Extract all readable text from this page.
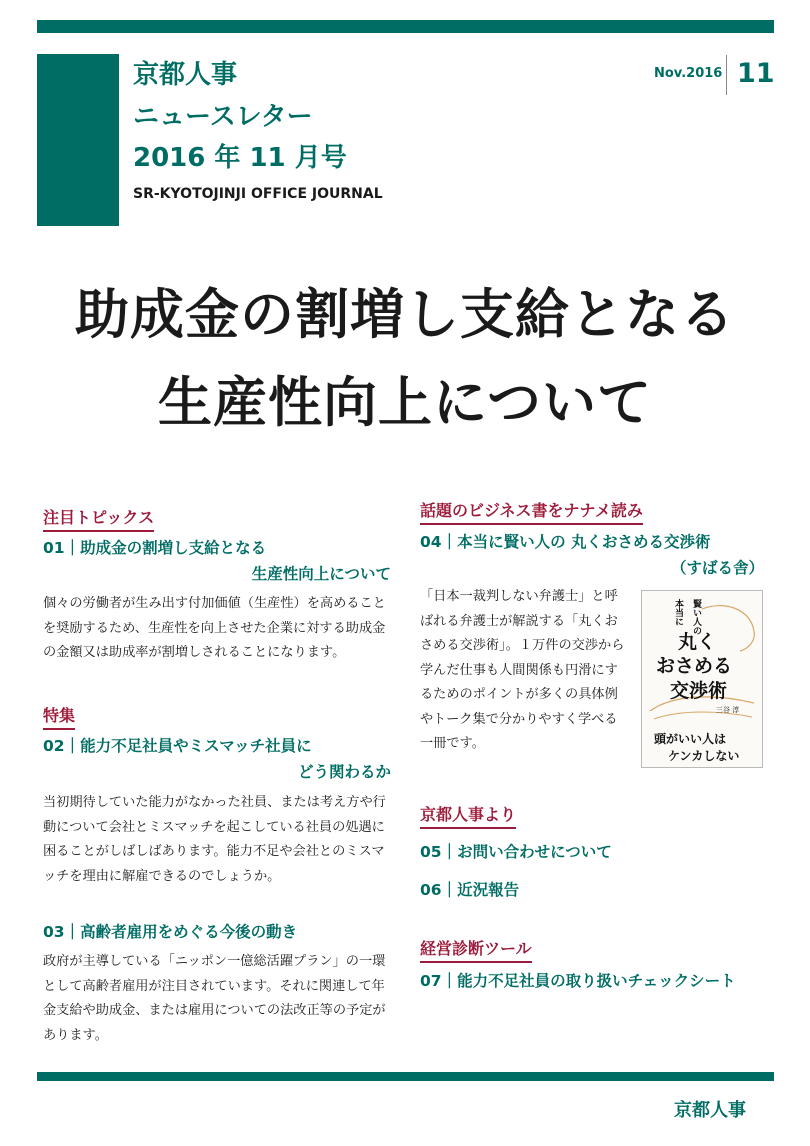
京都人事
ニュースレター
2016 年 11 月号
SR-KYOTOJINJI OFFICE JOURNAL
Nov.2016 11
助成金の割増し支給となる
生産性向上について
注目トピックス
01｜助成金の割増し支給となる
生産性向上について
個々の労働者が生み出す付加価値（生産性）を高めることを奨励するため、生産性を向上させた企業に対する助成金の金額又は助成率が割増しされることになります。
特集
02｜能力不足社員やミスマッチ社員に
どう関わるか
当初期待していた能力がなかった社員、または考え方や行動について会社とミスマッチを起こしている社員の処遇に困ることがしばしばあります。能力不足や会社とのミスマッチを理由に解雇できるのでしょうか。
03｜高齢者雇用をめぐる今後の動き
政府が主導している「ニッポン一億総活躍プラン」の一環として高齢者雇用が注目されています。それに関連して年金支給や助成金、または雇用についての法改正等の予定があります。
話題のビジネス書をナナメ読み
04｜本当に賢い人の 丸くおさめる交渉術
（すばる舎）
「日本一裁判しない弁護士」と呼ばれる弁護士が解説する「丸くおさめる交渉術」。１万件の交渉から学んだ仕事も人間関係も円滑にするためのポイントが多くの具体例やトーク集で分かりやすく学べる一冊です。
本当に 賢い人の
丸く
おさめる
交渉術
三谷 淳
頭がいい人は
ケンカしない
京都人事より
05｜お問い合わせについて
06｜近況報告
経営診断ツール
07｜能力不足社員の取り扱いチェックシート
京都人事
